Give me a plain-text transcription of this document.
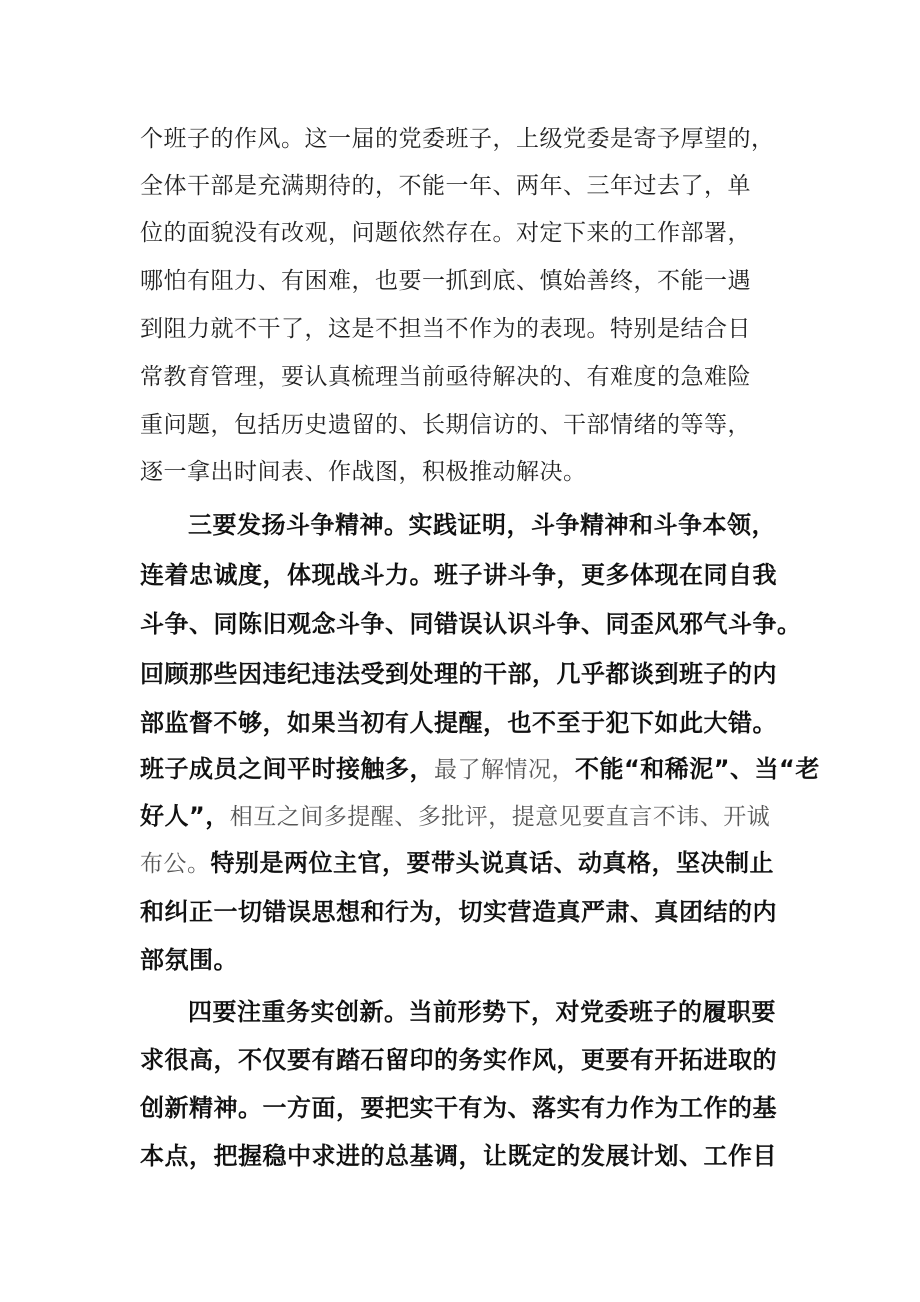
个班子的作风。这一届的党委班子，上级党委是寄予厚望的，
全体干部是充满期待的，不能一年、两年、三年过去了，单
位的面貌没有改观，问题依然存在。对定下来的工作部署，
哪怕有阻力、有困难，也要一抓到底、慎始善终，不能一遇
到阻力就不干了，这是不担当不作为的表现。特别是结合日
常教育管理，要认真梳理当前亟待解决的、有难度的急难险
重问题，包括历史遗留的、长期信访的、干部情绪的等等，
逐一拿出时间表、作战图，积极推动解决。
三要发扬斗争精神。实践证明，斗争精神和斗争本领，
连着忠诚度，体现战斗力。班子讲斗争，更多体现在同自我
斗争、同陈旧观念斗争、同错误认识斗争、同歪风邪气斗争。
回顾那些因违纪违法受到处理的干部，几乎都谈到班子的内
部监督不够，如果当初有人提醒，也不至于犯下如此大错。
班子成员之间平时接触多，最了解情况，不能“和稀泥”、当“老
好人”，相互之间多提醒、多批评，提意见要直言不讳、开诚
布公。特别是两位主官，要带头说真话、动真格，坚决制止
和纠正一切错误思想和行为，切实营造真严肃、真团结的内
部氛围。
四要注重务实创新。当前形势下，对党委班子的履职要
求很高，不仅要有踏石留印的务实作风，更要有开拓进取的
创新精神。一方面，要把实干有为、落实有力作为工作的基
本点，把握稳中求进的总基调，让既定的发展计划、工作目
